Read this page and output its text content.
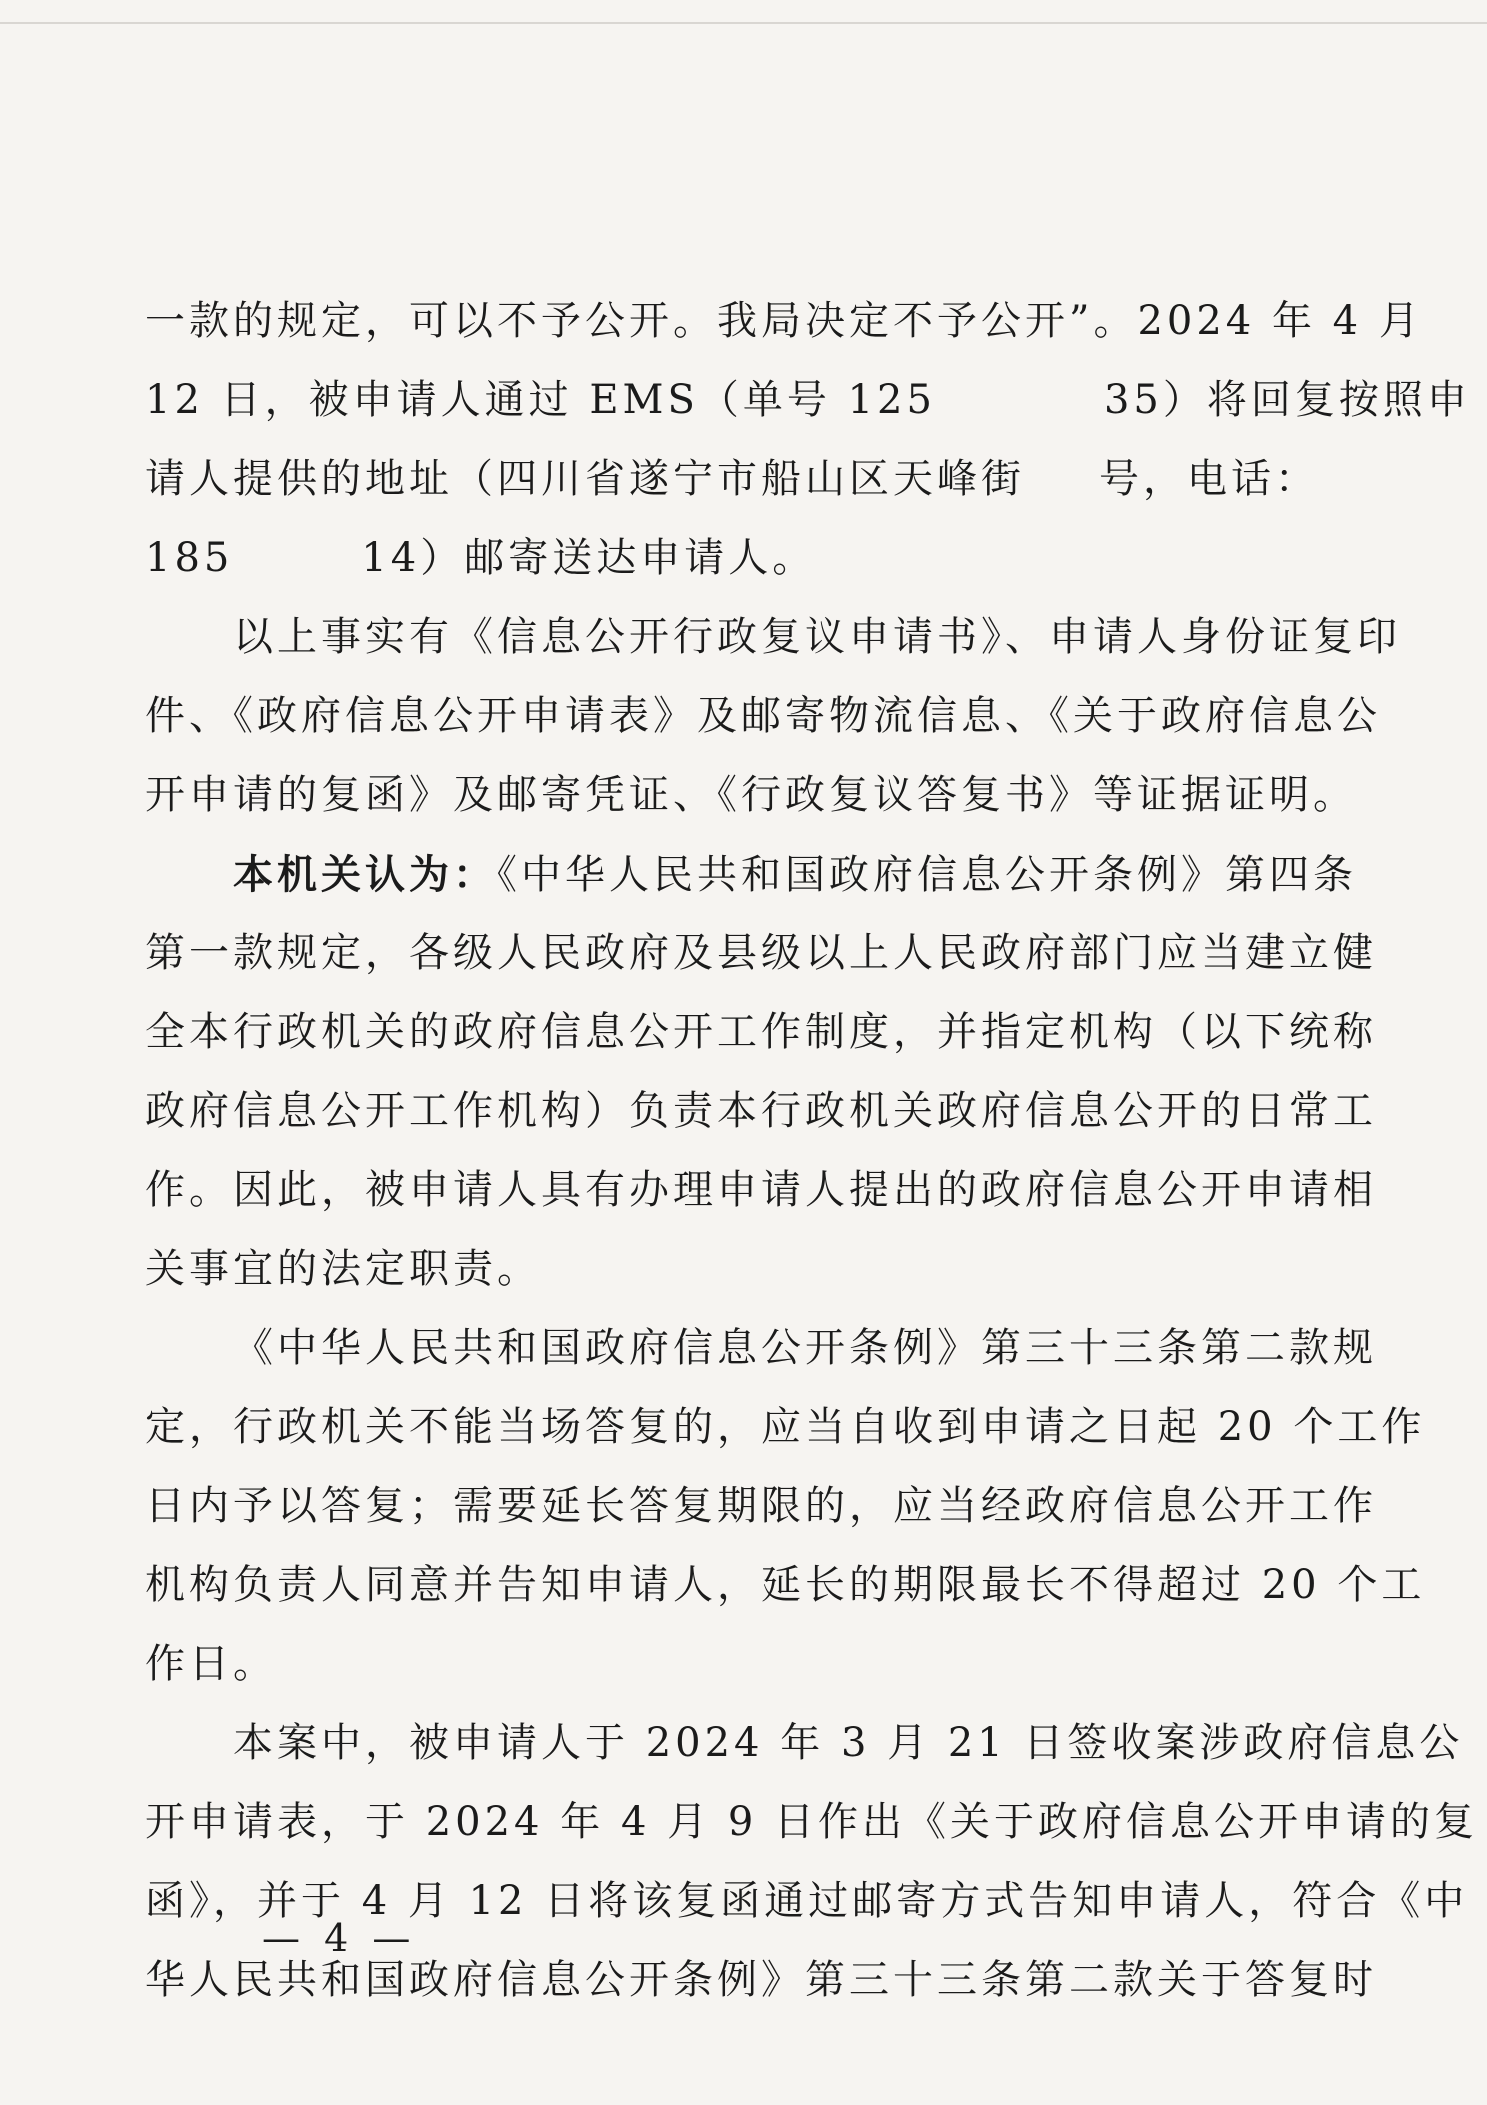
一款的规定，可以不予公开。我局决定不予公开”。2024 年 4 月
12 日，被申请人通过 EMS（单号 125	35）将回复按照申
请人提供的地址（四川省遂宁市船山区天峰街 号，电话：
185	14）邮寄送达申请人。
以上事实有《信息公开行政复议申请书》、申请人身份证复印
件、《政府信息公开申请表》及邮寄物流信息、《关于政府信息公
开申请的复函》及邮寄凭证、《行政复议答复书》等证据证明。
本机关认为：《中华人民共和国政府信息公开条例》第四条
第一款规定，各级人民政府及县级以上人民政府部门应当建立健
全本行政机关的政府信息公开工作制度，并指定机构（以下统称
政府信息公开工作机构）负责本行政机关政府信息公开的日常工
作。因此，被申请人具有办理申请人提出的政府信息公开申请相
关事宜的法定职责。
《中华人民共和国政府信息公开条例》第三十三条第二款规
定，行政机关不能当场答复的，应当自收到申请之日起 20 个工作
日内予以答复；需要延长答复期限的，应当经政府信息公开工作
机构负责人同意并告知申请人，延长的期限最长不得超过 20 个工
作日。
本案中，被申请人于 2024 年 3 月 21 日签收案涉政府信息公
开申请表，于 2024 年 4 月 9 日作出《关于政府信息公开申请的复
函》，并于 4 月 12 日将该复函通过邮寄方式告知申请人，符合《中
华人民共和国政府信息公开条例》第三十三条第二款关于答复时
— 4 —
